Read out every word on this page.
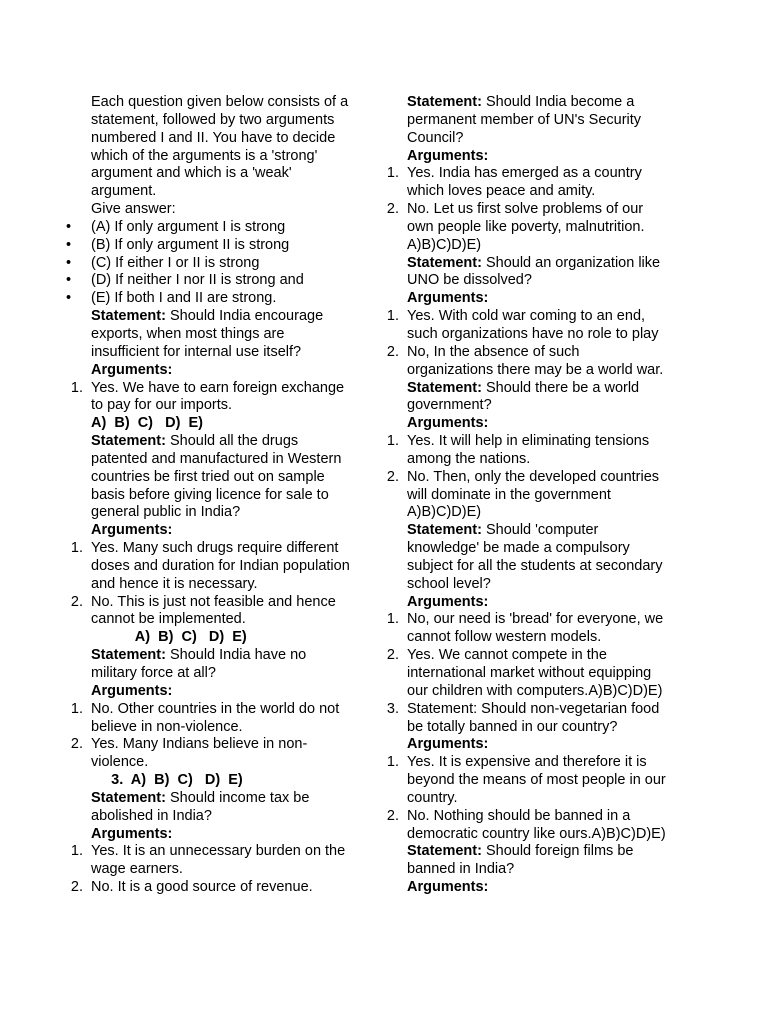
Each question given below consists of a
statement, followed by two arguments
numbered I and II. You have to decide
which of the arguments is a 'strong'
argument and which is a 'weak'
argument.
Give answer:
•	(A) If only argument I is strong
•	(B) If only argument II is strong
•	(C) If either I or II is strong
•	(D) If neither I nor II is strong and
•	(E) If both I and II are strong.
Statement: Should India encourage
exports, when most things are
insufficient for internal use itself?
Arguments:
1. Yes. We have to earn foreign exchange
to pay for our imports.
A)  B)  C)   D)  E)
Statement: Should all the drugs
patented and manufactured in Western
countries be first tried out on sample
basis before giving licence for sale to
general public in India?
Arguments:
1. Yes. Many such drugs require different
doses and duration for Indian population
and hence it is necessary.
2. No. This is just not feasible and hence
cannot be implemented.
A)  B)  C)   D)  E)
Statement: Should India have no
military force at all?
Arguments:
1. No. Other countries in the world do not
believe in non-violence.
2. Yes. Many Indians believe in non-
violence.
3.  A)  B)  C)   D)  E)
Statement: Should income tax be
abolished in India?
Arguments:
1. Yes. It is an unnecessary burden on the
wage earners.
2. No. It is a good source of revenue.
Statement: Should India become a
permanent member of UN's Security
Council?
Arguments:
1. Yes. India has emerged as a country
which loves peace and amity.
2. No. Let us first solve problems of our
own people like poverty, malnutrition.
A)B)C)D)E)
Statement: Should an organization like
UNO be dissolved?
Arguments:
1. Yes. With cold war coming to an end,
such organizations have no role to play
2. No, In the absence of such
organizations there may be a world war.
Statement: Should there be a world
government?
Arguments:
1. Yes. It will help in eliminating tensions
among the nations.
2. No. Then, only the developed countries
will dominate in the government
A)B)C)D)E)
Statement: Should 'computer
knowledge' be made a compulsory
subject for all the students at secondary
school level?
Arguments:
1. No, our need is 'bread' for everyone, we
cannot follow western models.
2. Yes. We cannot compete in the
international market without equipping
our children with computers.A)B)C)D)E)
3. Statement: Should non-vegetarian food
be totally banned in our country?
Arguments:
1. Yes. It is expensive and therefore it is
beyond the means of most people in our
country.
2. No. Nothing should be banned in a
democratic country like ours.A)B)C)D)E)
Statement: Should foreign films be
banned in India?
Arguments:
